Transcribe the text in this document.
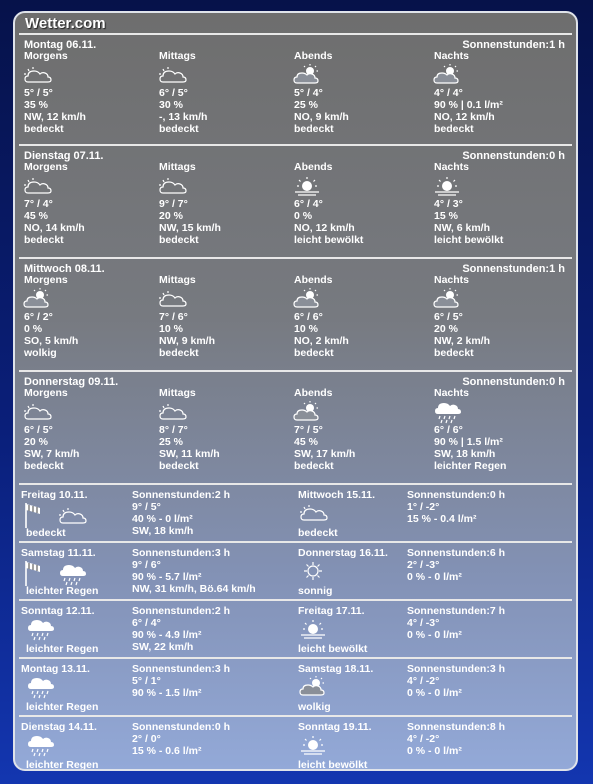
Wetter.com
Montag 06.11.	Sonnenstunden:1 h
Morgens
5° / 5°
35 %
NW, 12 km/h
bedeckt
Mittags
6° / 5°
30 %
-, 13 km/h
bedeckt
Abends
5° / 4°
25 %
NO, 9 km/h
bedeckt
Nachts
4° / 4°
90 % | 0.1 l/m²
NO, 12 km/h
bedeckt
Dienstag 07.11.	Sonnenstunden:0 h
Morgens
7° / 4°
45 %
NO, 14 km/h
bedeckt
Mittags
9° / 7°
20 %
NW, 15 km/h
bedeckt
Abends
6° / 4°
0 %
NO, 12 km/h
leicht bewölkt
Nachts
4° / 3°
15 %
NW, 6 km/h
leicht bewölkt
Mittwoch 08.11.	Sonnenstunden:1 h
Morgens
6° / 2°
0 %
SO, 5 km/h
wolkig
Mittags
7° / 6°
10 %
NW, 9 km/h
bedeckt
Abends
6° / 6°
10 %
NO, 2 km/h
bedeckt
Nachts
6° / 5°
20 %
NW, 2 km/h
bedeckt
Donnerstag 09.11.	Sonnenstunden:0 h
Morgens
6° / 5°
20 %
SW, 7 km/h
bedeckt
Mittags
8° / 7°
25 %
SW, 11 km/h
bedeckt
Abends
7° / 5°
45 %
SW, 17 km/h
bedeckt
Nachts
6° / 6°
90 % | 1.5 l/m²
SW, 18 km/h
leichter Regen
Freitag 10.11.
bedeckt
Sonnenstunden:2 h
9° / 5°
40 % - 0 l/m²
SW, 18 km/h
Mittwoch 15.11.
bedeckt
Sonnenstunden:0 h
1° / -2°
15 % - 0.4 l/m²
Samstag 11.11.
leichter Regen
Sonnenstunden:3 h
9° / 6°
90 % - 5.7 l/m²
NW, 31 km/h, Bö.64 km/h
Donnerstag 16.11.
sonnig
Sonnenstunden:6 h
2° / -3°
0 % - 0 l/m²
Sonntag 12.11.
leichter Regen
Sonnenstunden:2 h
6° / 4°
90 % - 4.9 l/m²
SW, 22 km/h
Freitag 17.11.
leicht bewölkt
Sonnenstunden:7 h
4° / -3°
0 % - 0 l/m²
Montag 13.11.
leichter Regen
Sonnenstunden:3 h
5° / 1°
90 % - 1.5 l/m²
Samstag 18.11.
wolkig
Sonnenstunden:3 h
4° / -2°
0 % - 0 l/m²
Dienstag 14.11.
leichter Regen
Sonnenstunden:0 h
2° / 0°
15 % - 0.6 l/m²
Sonntag 19.11.
leicht bewölkt
Sonnenstunden:8 h
4° / -2°
0 % - 0 l/m²
